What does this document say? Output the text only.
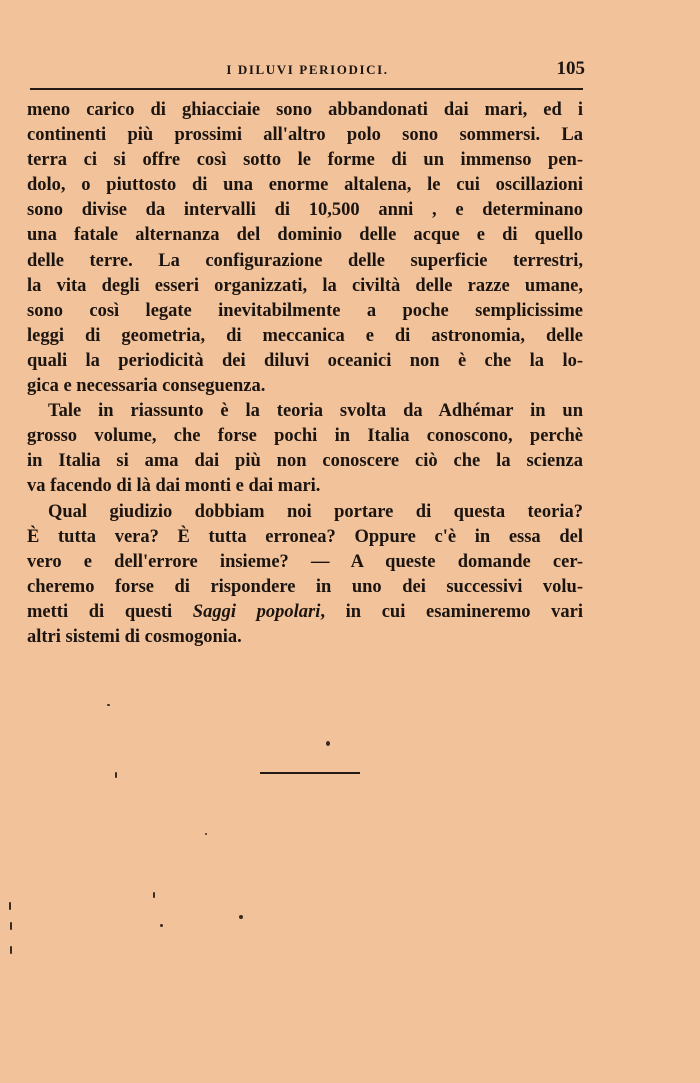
I DILUVI PERIODICI.	105
meno carico di ghiacciaie sono abbandonati dai mari, ed i
continenti più prossimi all'altro polo sono sommersi. La
terra ci si offre così sotto le forme di un immenso pen-
dolo, o piuttosto di una enorme altalena, le cui oscillazioni
sono divise da intervalli di 10,500 anni , e determinano
una fatale alternanza del dominio delle acque e di quello
delle terre. La configurazione delle superficie terrestri,
la vita degli esseri organizzati, la civiltà delle razze umane,
sono così legate inevitabilmente a poche semplicissime
leggi di geometria, di meccanica e di astronomia, delle
quali la periodicità dei diluvi oceanici non è che la lo-
gica e necessaria conseguenza.
Tale in riassunto è la teoria svolta da Adhémar in un
grosso volume, che forse pochi in Italia conoscono, perchè
in Italia si ama dai più non conoscere ciò che la scienza
va facendo di là dai monti e dai mari.
Qual giudizio dobbiam noi portare di questa teoria?
È tutta vera? È tutta erronea? Oppure c'è in essa del
vero e dell'errore insieme? — A queste domande cer-
cheremo forse di rispondere in uno dei successivi volu-
metti di questi Saggi popolari, in cui esamineremo vari
altri sistemi di cosmogonia.
